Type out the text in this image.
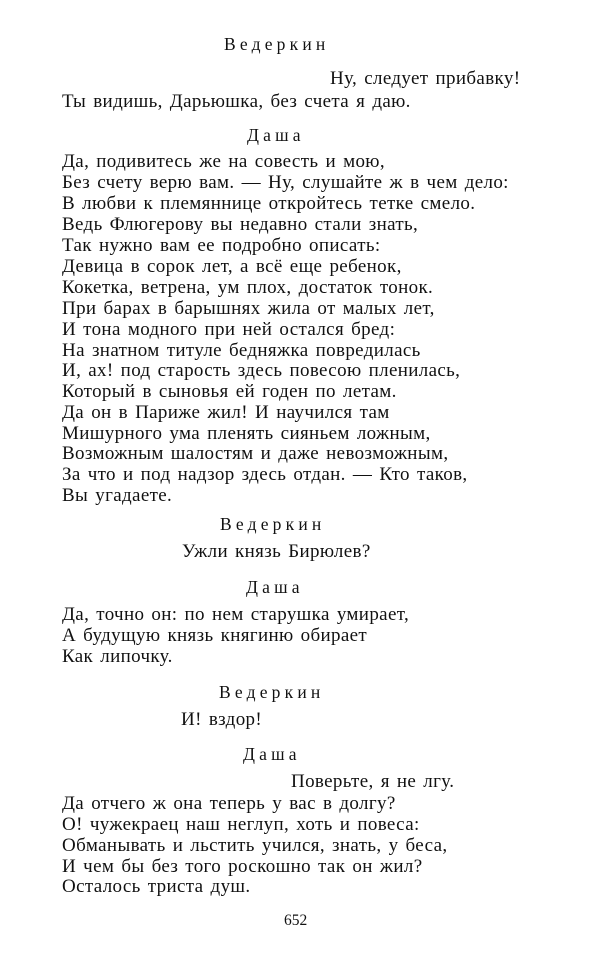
Ведеркин
Ну, следует прибавку!
Ты видишь, Дарьюшка, без счета я даю.
Даша
Да, подивитесь же на совесть и мою,
Без счету верю вам. — Ну, слушайте ж в чем дело:
В любви к племяннице откройтесь тетке смело.
Ведь Флюгерову вы недавно стали знать,
Так нужно вам ее подробно описать:
Девица в сорок лет, а всё еще ребенок,
Кокетка, ветрена, ум плох, достаток тонок.
При барах в барышнях жила от малых лет,
И тона модного при ней остался бред:
На знатном титуле бедняжка повредилась
И, ах! под старость здесь повесою пленилась,
Который в сыновья ей годен по летам.
Да он в Париже жил! И научился там
Мишурного ума пленять сияньем ложным,
Возможным шалостям и даже невозможным,
За что и под надзор здесь отдан. — Кто таков,
Вы угадаете.
Ведеркин
Ужли князь Бирюлев?
Даша
Да, точно он: по нем старушка умирает,
А будущую князь княгиню обирает
Как липочку.
Ведеркин
И! вздор!
Даша
Поверьте, я не лгу.
Да отчего ж она теперь у вас в долгу?
О! чужекраец наш неглуп, хоть и повеса:
Обманывать и льстить учился, знать, у беса,
И чем бы без того роскошно так он жил?
Осталось триста душ.
652
